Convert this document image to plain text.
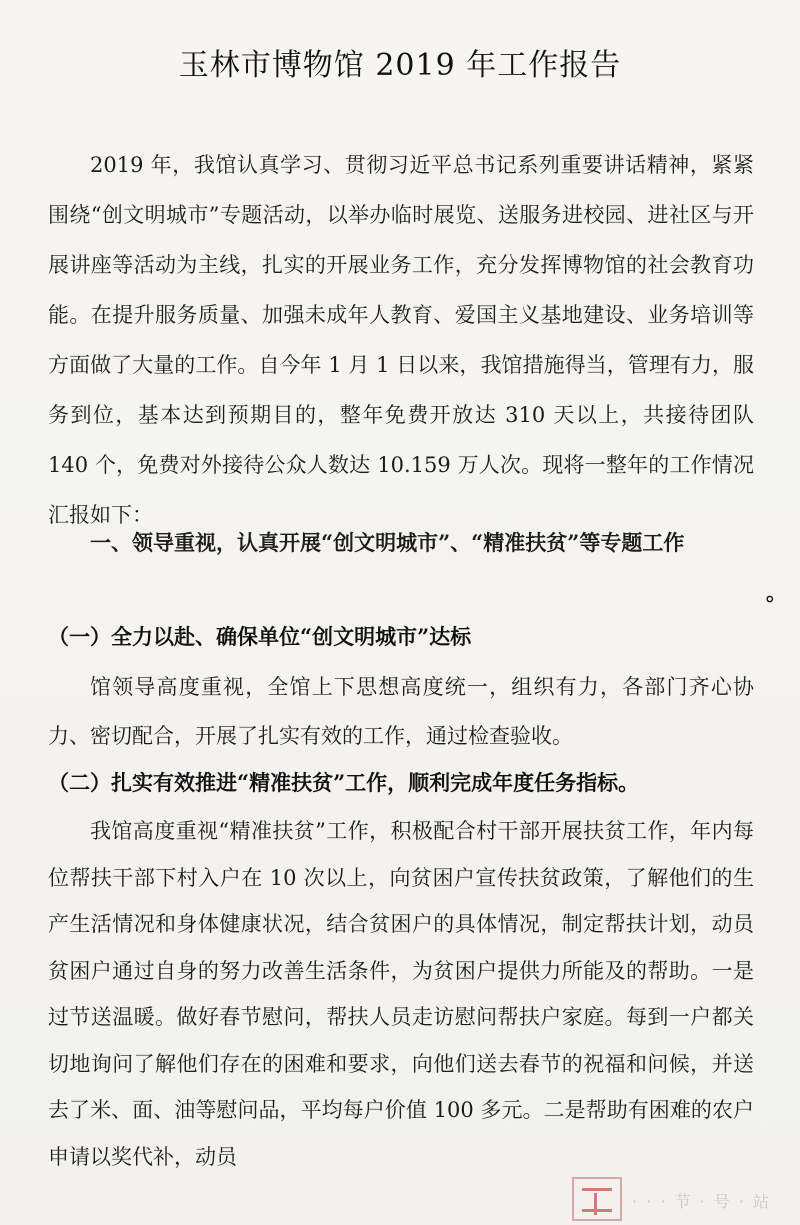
玉林市博物馆 2019 年工作报告
2019 年，我馆认真学习、贯彻习近平总书记系列重要讲话精神，紧紧围绕“创文明城市”专题活动，以举办临时展览、送服务进校园、进社区与开展讲座等活动为主线，扎实的开展业务工作，充分发挥博物馆的社会教育功能。在提升服务质量、加强未成年人教育、爱国主义基地建设、业务培训等方面做了大量的工作。自今年 1 月 1 日以来，我馆措施得当，管理有力，服务到位，基本达到预期目的，整年免费开放达 310 天以上，共接待团队 140 个，免费对外接待公众人数达 10.159 万人次。现将一整年的工作情况汇报如下：
一、领导重视，认真开展“创文明城市”、“精准扶贫”等专题工作
。
（一）全力以赴、确保单位“创文明城市”达标
馆领导高度重视，全馆上下思想高度统一，组织有力，各部门齐心协力、密切配合，开展了扎实有效的工作，通过检查验收。
（二）扎实有效推进“精准扶贫”工作，顺利完成年度任务指标。
我馆高度重视“精准扶贫”工作，积极配合村干部开展扶贫工作，年内每位帮扶干部下村入户在 10 次以上，向贫困户宣传扶贫政策，了解他们的生产生活情况和身体健康状况，结合贫困户的具体情况，制定帮扶计划，动员贫困户通过自身的努力改善生活条件，为贫困户提供力所能及的帮助。一是过节送温暖。做好春节慰问，帮扶人员走访慰问帮扶户家庭。每到一户都关切地询问了解他们存在的困难和要求，向他们送去春节的祝福和问候，并送去了米、面、油等慰问品，平均每户价值 100 多元。二是帮助有困难的农户申请以奖代补，动员
· · · 节 · 号 · 站
